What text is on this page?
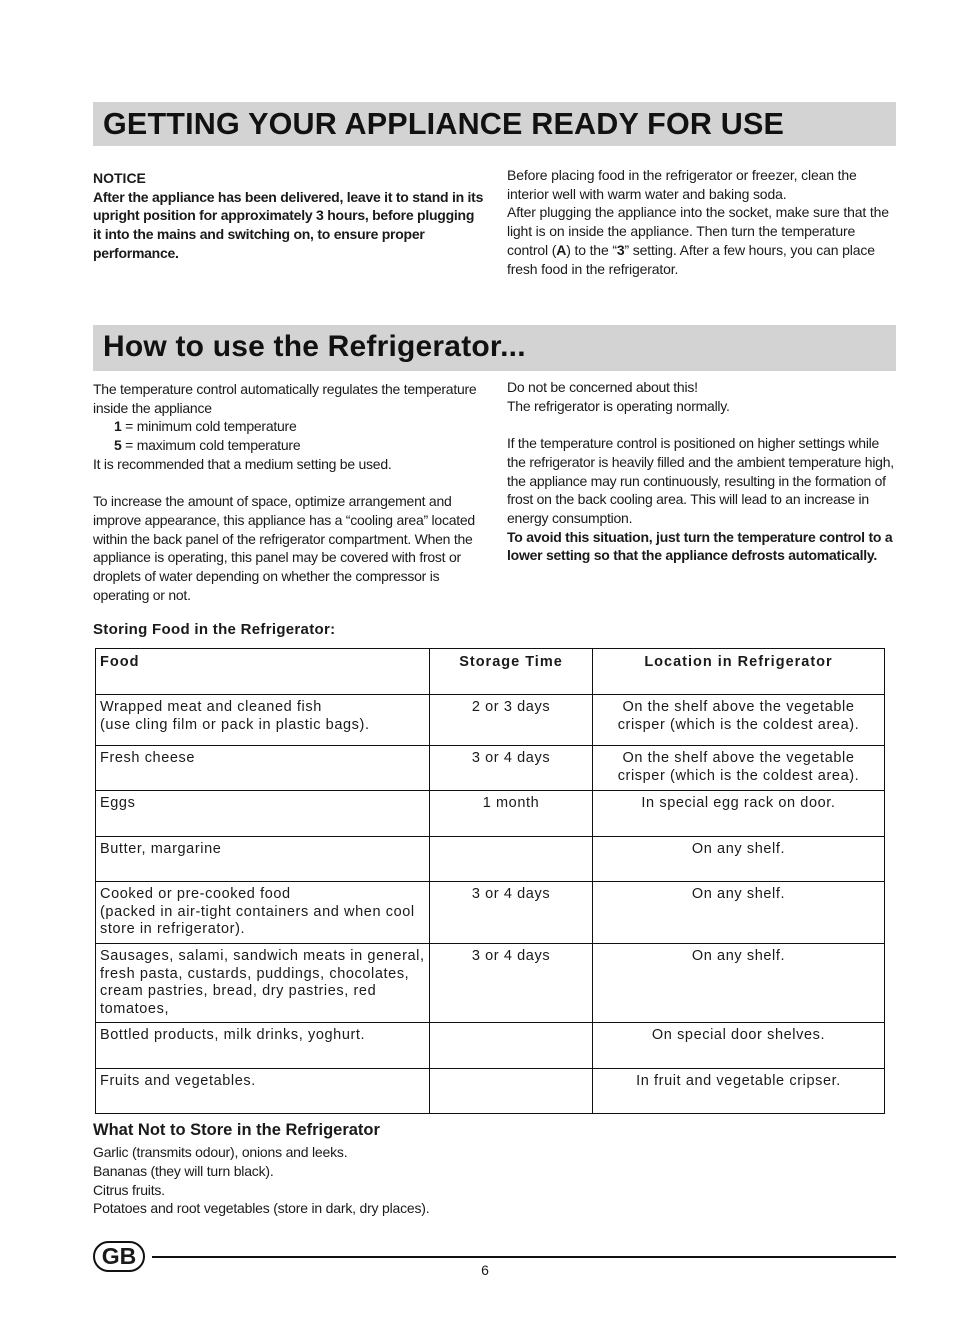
GETTING YOUR APPLIANCE READY FOR USE

NOTICE

After the appliance has been delivered, leave it to stand in its upright position for approximately 3 hours, before plugging it into the mains and switching on, to ensure proper performance.

Before placing food in the refrigerator or freezer, clean the interior well with warm water and baking soda.

After plugging the appliance into the socket, make sure that the light is on inside the appliance. Then turn the temperature control (A) to the “3” setting. After a few hours, you can place fresh food in the refrigerator.

How to use the Refrigerator...

The temperature control automatically regulates the temperature inside the appliance

1 = minimum cold temperature

5 = maximum cold temperature

It is recommended that a medium setting be used.

To increase the amount of space, optimize arrangement and improve appearance, this appliance has a “cooling area” located within the back panel of the refrigerator compartment. When the appliance is operating, this panel may be covered with frost or droplets of water depending on whether the compressor is operating or not.

Do not be concerned about this!

The refrigerator is operating normally.

If the temperature control is positioned on higher settings while the refrigerator is heavily filled and the ambient temperature high, the appliance may run continuously, resulting in the formation of frost on the back cooling area. This will lead to an increase in energy consumption.

To avoid this situation, just turn the temperature control to a lower setting so that the appliance defrosts automatically.

Storing Food in the Refrigerator:

Food	Storage Time	Location in Refrigerator
Wrapped meat and cleaned fish
(use cling film or pack in plastic bags).	2 or 3 days	On the shelf above the vegetable crisper (which is the coldest area).
Fresh cheese	3 or 4 days	On the shelf above the vegetable crisper (which is the coldest area).
Eggs	1 month	In special egg rack on door.
Butter, margarine		On any shelf.
Cooked or pre-cooked food
(packed in air-tight containers and when cool store in refrigerator).	3 or 4 days	On any shelf.
Sausages, salami, sandwich meats in general, fresh pasta, custards, puddings, chocolates, cream pastries, bread, dry pastries, red tomatoes,	3 or 4 days	On any shelf.
Bottled products, milk drinks, yoghurt.		On special door shelves.
Fruits and vegetables.		In fruit and vegetable cripser.

What Not to Store in the Refrigerator

Garlic (transmits odour), onions and leeks.
Bananas (they will turn black).
Citrus fruits.
Potatoes and root vegetables (store in dark, dry places).
GB
6
